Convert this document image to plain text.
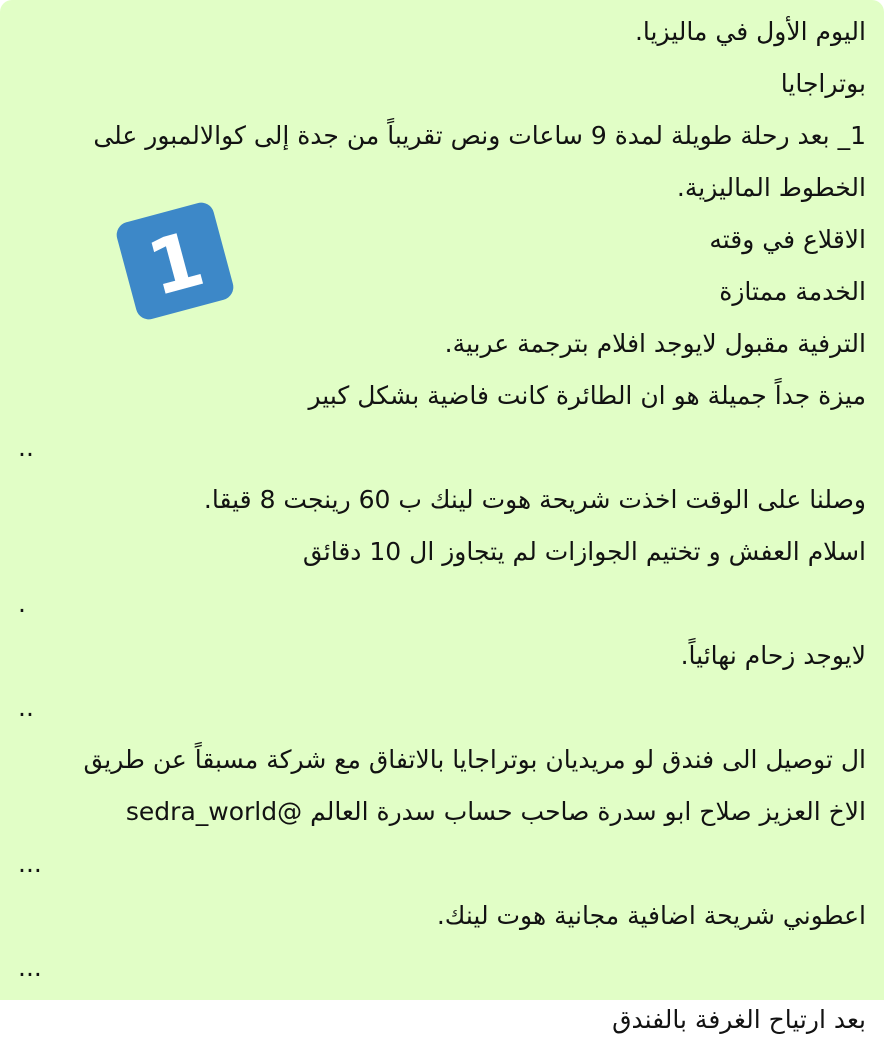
اليوم الأول في ماليزيا.
بوتراجايا
1_ بعد رحلة طويلة لمدة 9 ساعات ونص تقريباً من جدة إلى كوالالمبور على
الخطوط الماليزية.
الاقلاع في وقته
الخدمة ممتازة
الترفية مقبول لايوجد افلام بترجمة عربية.
ميزة جداً جميلة هو ان الطائرة كانت فاضية بشكل كبير
..
وصلنا على الوقت اخذت شريحة هوت لينك ب 60 رينجت 8 قيقا.
اسلام العفش و تختيم الجوازات لم يتجاوز ال 10 دقائق
.
لايوجد زحام نهائياً.
..
ال توصيل الى فندق لو مريديان بوتراجايا بالاتفاق مع شركة مسبقاً عن طريق
الاخ العزيز صلاح ابو سدرة صاحب حساب سدرة العالم @sedra_world
...
اعطوني شريحة اضافية مجانية هوت لينك.
...
بعد ارتياح الغرفة بالفندق
1
